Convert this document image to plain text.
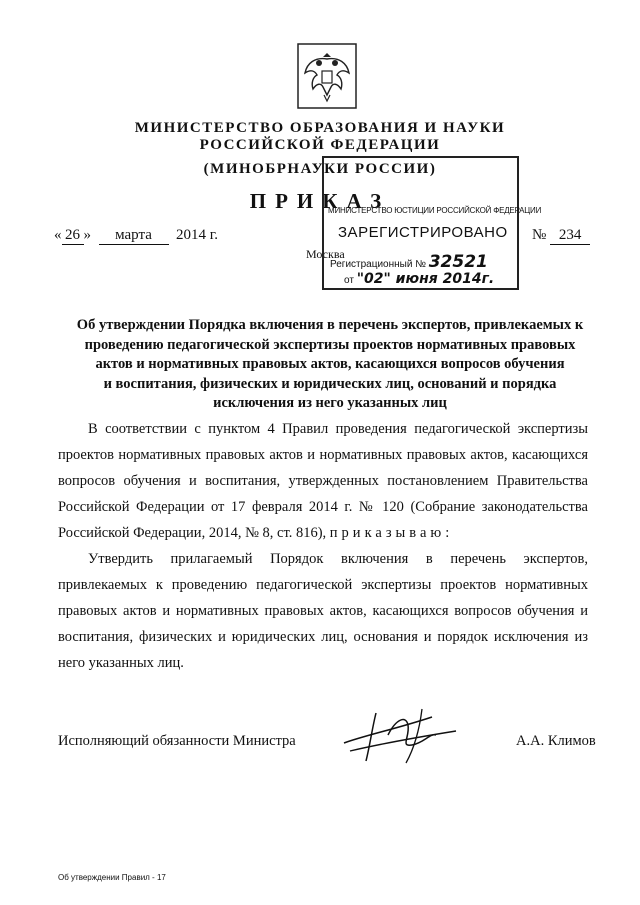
МИНИСТЕРСТВО ОБРАЗОВАНИЯ И НАУКИ
РОССИЙСКОЙ ФЕДЕРАЦИИ
(МИНОБРНАУКИ РОССИИ)
ПРИКАЗ
« 26 » марта 2014 г.	№ 234
Москва
МИНИСТЕРСТВО ЮСТИЦИИ РОССИЙСКОЙ ФЕДЕРАЦИИ
ЗАРЕГИСТРИРОВАНО
Регистрационный № 32521
от "02" июня 2014г.
Об утверждении Порядка включения в перечень экспертов, привлекаемых к
проведению педагогической экспертизы проектов нормативных правовых
актов и нормативных правовых актов, касающихся вопросов обучения
и воспитания, физических и юридических лиц, оснований и порядка
исключения из него указанных лиц

В соответствии с пунктом 4 Правил проведения педагогической экспертизы проектов нормативных правовых актов и нормативных правовых актов, касающихся вопросов обучения и воспитания, утвержденных постановлением Правительства Российской Федерации от 17 февраля 2014 г. № 120 (Собрание законодательства Российской Федерации, 2014, № 8, ст. 816), приказываю:

Утвердить прилагаемый Порядок включения в перечень экспертов, привлекаемых к проведению педагогической экспертизы проектов нормативных правовых актов и нормативных правовых актов, касающихся вопросов обучения и воспитания, физических и юридических лиц, основания и порядок исключения из него указанных лиц.

Исполняющий обязанности Министра	А.А. Климов
Об утверждении Правил - 17
